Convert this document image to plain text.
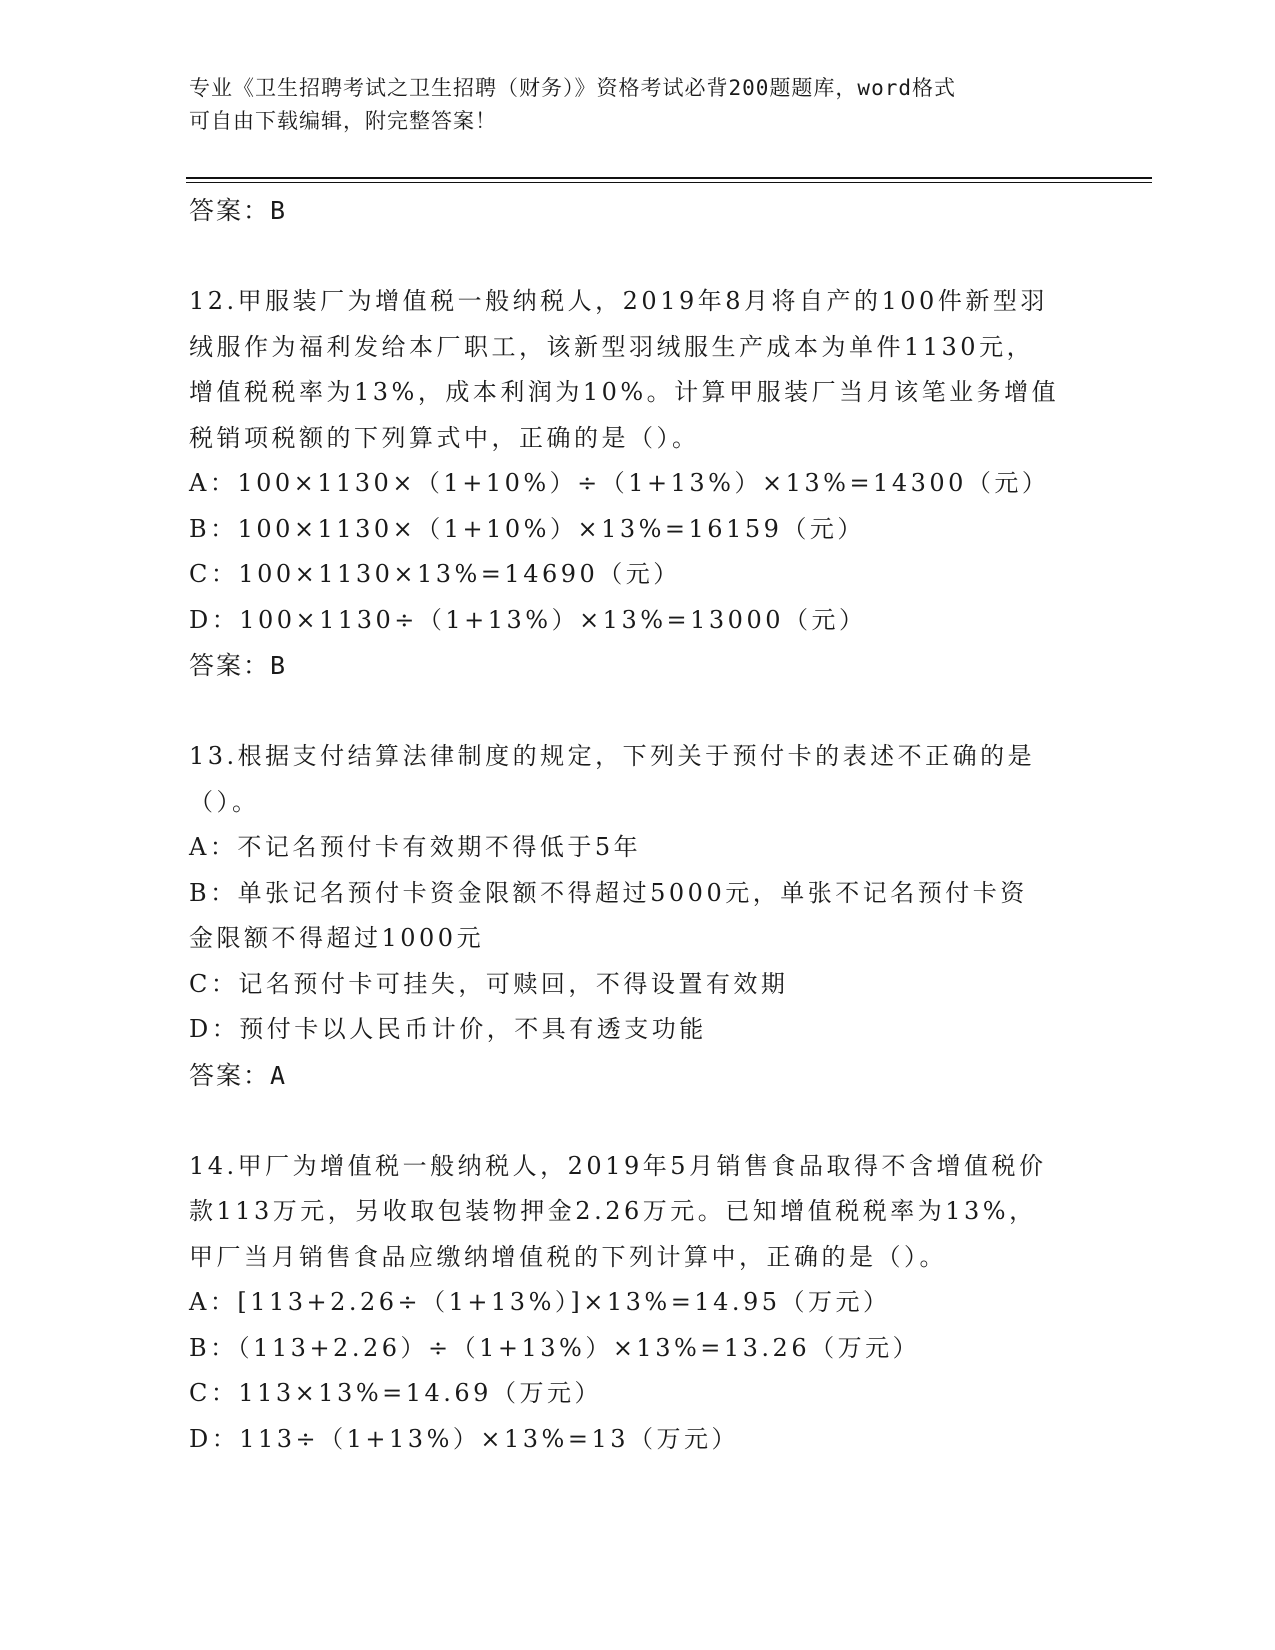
专业《卫生招聘考试之卫生招聘（财务）》资格考试必背200题题库，word格式
可自由下载编辑，附完整答案！
答案：B
12.甲服装厂为增值税一般纳税人，2019年8月将自产的100件新型羽
绒服作为福利发给本厂职工，该新型羽绒服生产成本为单件1130元，
增值税税率为13%，成本利润为10%。计算甲服装厂当月该笔业务增值
税销项税额的下列算式中，正确的是（）。
A：100×1130×（1+10%）÷（1+13%）×13%=14300（元）
B：100×1130×（1+10%）×13%=16159（元）
C：100×1130×13%=14690（元）
D：100×1130÷（1+13%）×13%=13000（元）
答案：B
13.根据支付结算法律制度的规定，下列关于预付卡的表述不正确的是
（）。
A：不记名预付卡有效期不得低于5年
B：单张记名预付卡资金限额不得超过5000元，单张不记名预付卡资
金限额不得超过1000元
C：记名预付卡可挂失，可赎回，不得设置有效期
D：预付卡以人民币计价，不具有透支功能
答案：A
14.甲厂为增值税一般纳税人，2019年5月销售食品取得不含增值税价
款113万元，另收取包装物押金2.26万元。已知增值税税率为13%，
甲厂当月销售食品应缴纳增值税的下列计算中，正确的是（）。
A：[113+2.26÷（1+13%）]×13%=14.95（万元）
B：（113+2.26）÷（1+13%）×13%=13.26（万元）
C：113×13%=14.69（万元）
D：113÷（1+13%）×13%=13（万元）
